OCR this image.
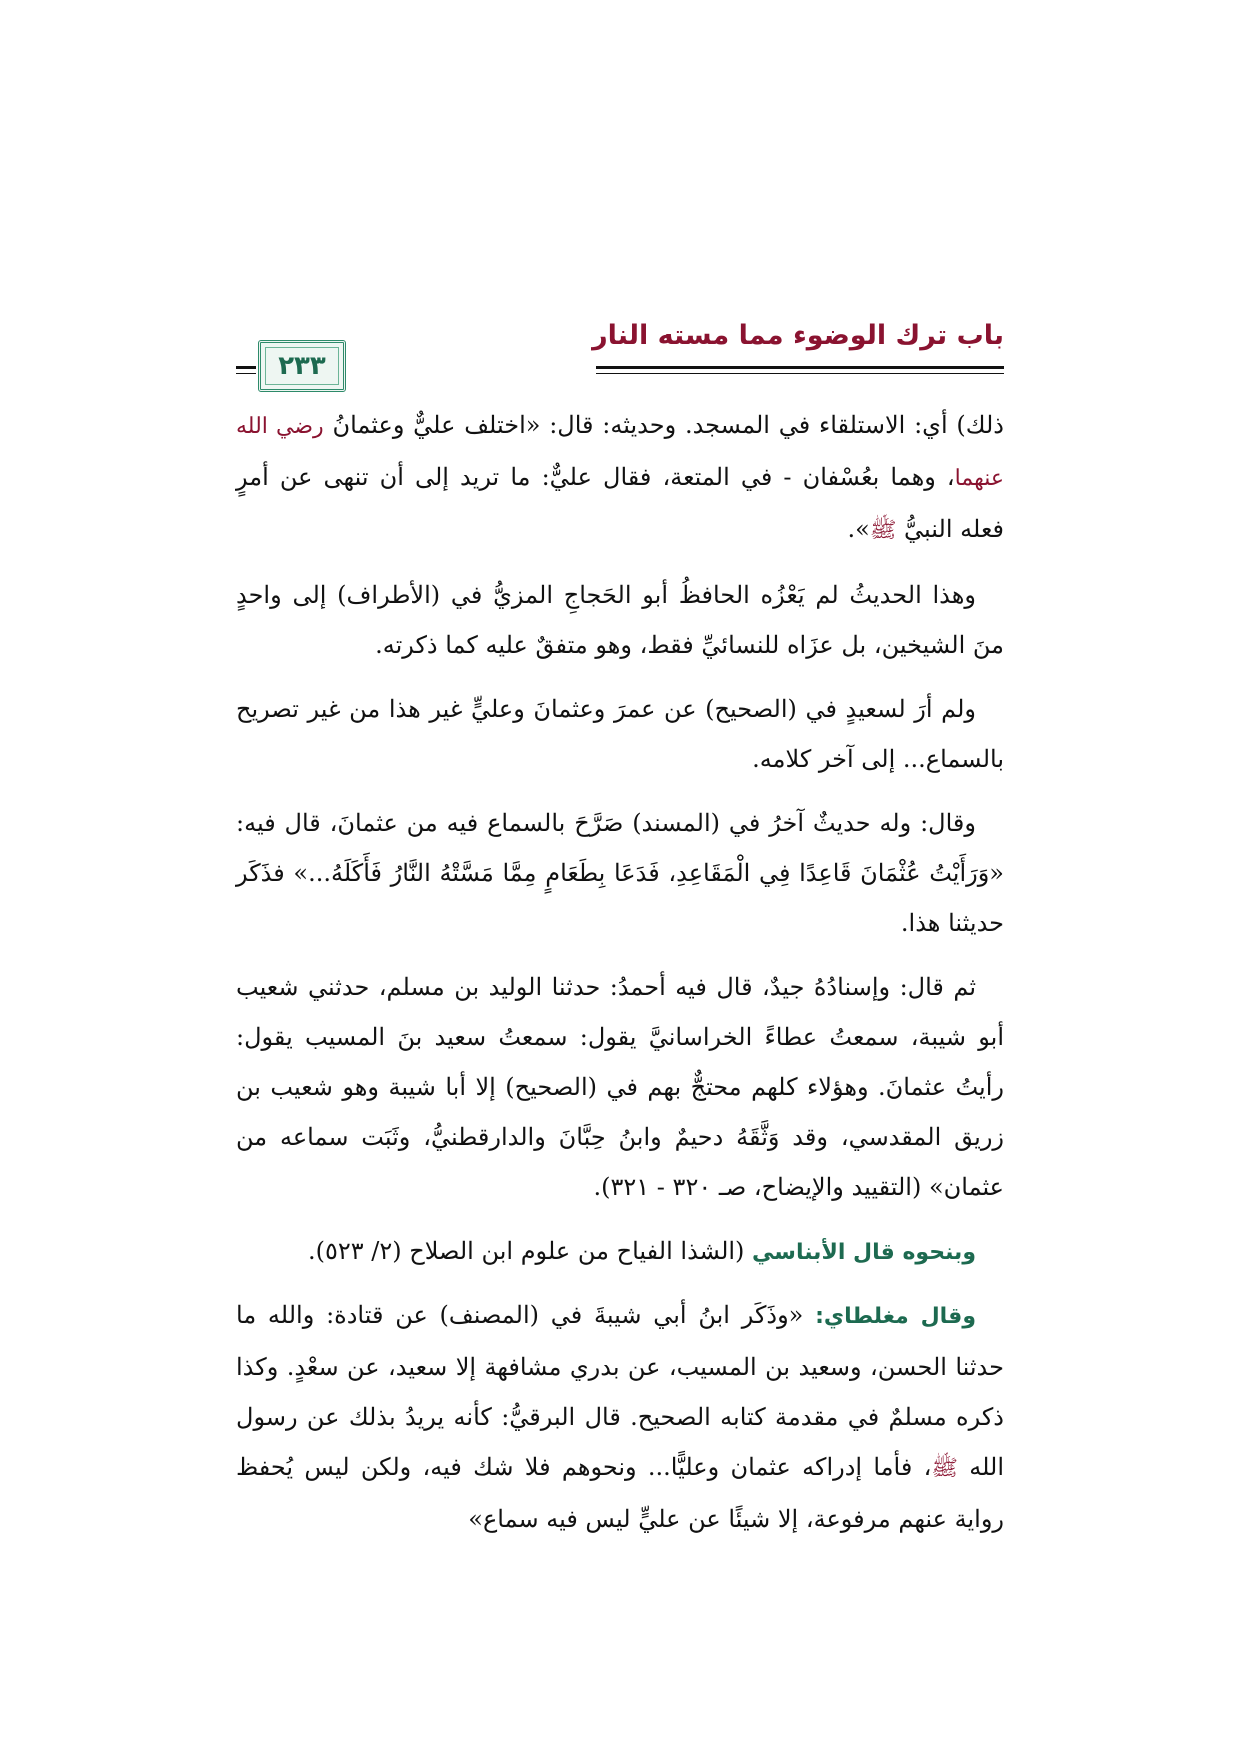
باب ترك الوضوء مما مسته النار
٢٣٣

ذلك) أي: الاستلقاء في المسجد. وحديثه: قال: «اختلف عليٌّ وعثمانُ رضي الله عنهما، وهما بعُسْفان - في المتعة، فقال عليٌّ: ما تريد إلى أن تنهى عن أمرٍ فعله النبيُّ ﷺ».

وهذا الحديثُ لم يَعْزُه الحافظُ أبو الحَجاجِ المزيُّ في (الأطراف) إلى واحدٍ منَ الشيخين، بل عزَاه للنسائيِّ فقط، وهو متفقٌ عليه كما ذكرته.

ولم أرَ لسعيدٍ في (الصحيح) عن عمرَ وعثمانَ وعليٍّ غير هذا من غير تصريح بالسماع... إلى آخر كلامه.

وقال: وله حديثٌ آخرُ في (المسند) صَرَّحَ بالسماع فيه من عثمانَ، قال فيه: «وَرَأَيْتُ عُثْمَانَ قَاعِدًا فِي الْمَقَاعِدِ، فَدَعَا بِطَعَامٍ مِمَّا مَسَّتْهُ النَّارُ فَأَكَلَهُ...» فذَكَر حديثنا هذا.

ثم قال: وإسنادُهُ جيدٌ، قال فيه أحمدُ: حدثنا الوليد بن مسلم، حدثني شعيب أبو شيبة، سمعتُ عطاءً الخراسانيَّ يقول: سمعتُ سعيد بنَ المسيب يقول: رأيتُ عثمانَ. وهؤلاء كلهم محتجٌّ بهم في (الصحيح) إلا أبا شيبة وهو شعيب بن زريق المقدسي، وقد وَثَّقَهُ دحيمٌ وابنُ حِبَّانَ والدارقطنيُّ، وثَبَت سماعه من عثمان» (التقييد والإيضاح، صـ ٣٢٠ - ٣٢١).

وبنحوه قال الأبناسي (الشذا الفياح من علوم ابن الصلاح (٢/ ٥٢٣).

وقال مغلطاي: «وذَكَر ابنُ أبي شيبةَ في (المصنف) عن قتادة: والله ما حدثنا الحسن، وسعيد بن المسيب، عن بدري مشافهة إلا سعيد، عن سعْدٍ. وكذا ذكره مسلمٌ في مقدمة كتابه الصحيح. قال البرقيُّ: كأنه يريدُ بذلك عن رسول الله ﷺ، فأما إدراكه عثمان وعليًّا... ونحوهم فلا شك فيه، ولكن ليس يُحفظ رواية عنهم مرفوعة، إلا شيئًا عن عليٍّ ليس فيه سماع»
